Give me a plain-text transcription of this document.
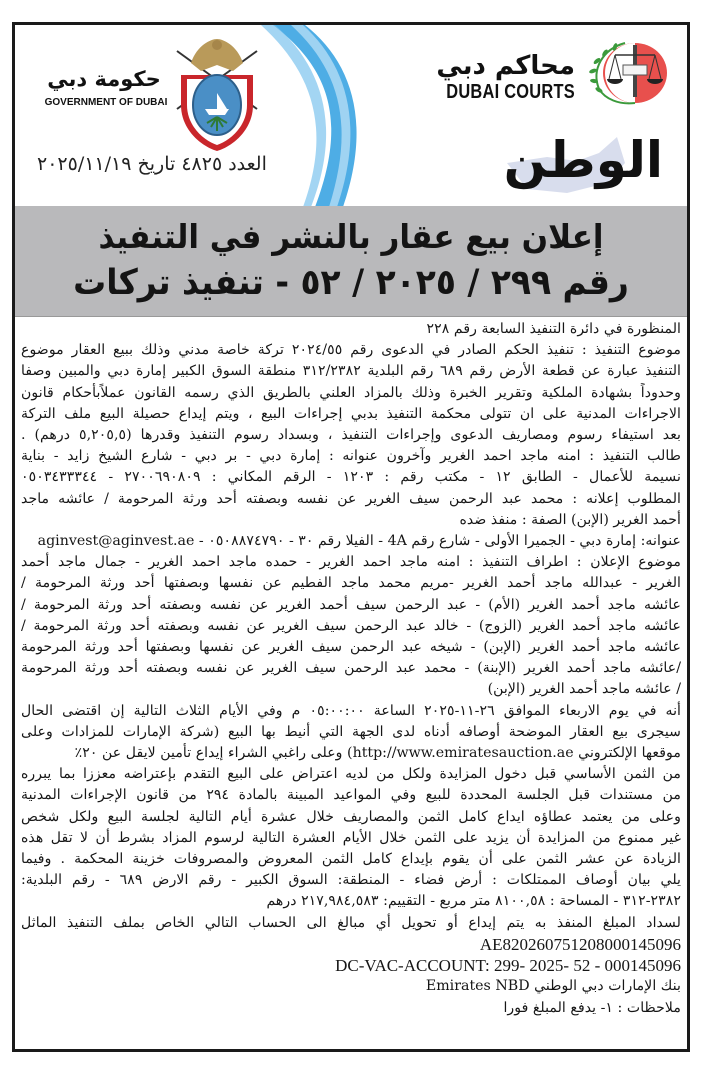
محاكم دبي
DUBAI COURTS
حكومة دبي
GOVERNMENT OF DUBAI
الوطن
العدد ٤٨٢٥ تاريخ ٢٠٢٥/١١/١٩
إعلان بيع عقار بالنشر في التنفيذ
رقم ٢٩٩ / ٢٠٢٥ / ٥٢ - تنفيذ تركات

المنظورة في دائرة التنفيذ السابعة رقم ٢٢٨

موضوع التنفيذ : تنفيذ الحكم الصادر في الدعوى رقم ٢٠٢٤/٥٥ تركة خاصة مدني وذلك ببيع العقار موضوع

التنفيذ عبارة عن قطعة الأرض رقم ٦٨٩ رقم البلدية ٣١٢/٢٣٨٢ منطقة السوق الكبير إمارة دبي والمبين وصفا

وحدوداً بشهادة الملكية وتقرير الخبرة وذلك بالمزاد العلني بالطريق الذي رسمه القانون عملاًبأحكام قانون

الاجراءات المدنية على ان تتولى محكمة التنفيذ بدبي إجراءات البيع ، ويتم إيداع حصيلة البيع ملف التركة

بعد استيفاء رسوم ومصاريف الدعوى وإجراءات التنفيذ ، وبسداد رسوم التنفيذ وقدرها (٥,٢٠٥,٥ درهم) .

طالب التنفيذ : امنه ماجد احمد الغرير وآخرون عنوانه : إمارة دبي - بر دبي - شارع الشيخ زايد - بناية

نسيمة للأعمال - الطابق ١٢ - مكتب رقم : ١٢٠٣ - الرقم المكاني : ٢٧٠٠٦٩٠٨٠٩ - ٠٥٠٣٤٣٣٣٤٤

المطلوب إعلانه : محمد عبد الرحمن سيف الغرير عن نفسه وبصفته أحد ورثة المرحومة / عائشه ماجد

أحمد الغرير (الإبن) الصفة : منفذ ضده

عنوانه: إمارة دبي - الجميرا الأولى - شارع رقم 4A - الفيلا رقم ٣٠ - ٠٥٠٨٨٧٤٧٩٠ - aginvest@aginvest.ae

موضوع الإعلان : اطراف التنفيذ : امنه ماجد احمد الغرير - حمده ماجد احمد الغرير - جمال ماجد أحمد

الغرير - عبدالله ماجد أحمد الغرير -مريم محمد ماجد الفطيم عن نفسها وبصفتها أحد ورثة المرحومة /

عائشه ماجد أحمد الغرير (الأم) - عبد الرحمن سيف أحمد الغرير عن نفسه وبصفته أحد ورثة المرحومة /

عائشه ماجد أحمد الغرير (الزوج) - خالد عبد الرحمن سيف الغرير عن نفسه وبصفته أحد ورثة المرحومة /

عائشه ماجد أحمد الغرير (الإبن) - شيخه عبد الرحمن سيف الغرير عن نفسها وبصفتها أحد ورثة المرحومة

/عائشه ماجد أحمد الغرير (الإبنة) - محمد عبد الرحمن سيف الغرير عن نفسه وبصفته أحد ورثة المرحومة

/ عائشه ماجد أحمد الغرير (الإبن)

أنه في يوم الاربعاء الموافق ٢٦-١١-٢٠٢٥ الساعة ٠٥:٠٠:٠٠ م وفي الأيام الثلاث التالية إن اقتضى الحال

سيجرى بيع العقار الموضحة أوصافه أدناه لدى الجهة التي أنيط بها البيع (شركة الإمارات للمزادات وعلى

موقعها الإلكتروني http://www.emiratesauction.ae) وعلى راغبي الشراء إيداع تأمين لايقل عن ٢٠٪

من الثمن الأساسي قبل دخول المزايدة ولكل من لديه اعتراض على البيع التقدم بإعتراضه معززا بما يبرره

من مستندات قبل الجلسة المحددة للبيع وفي المواعيد المبينة بالمادة ٢٩٤ من قانون الإجراءات المدنية

وعلى من يعتمد عطاؤه ايداع كامل الثمن والمصاريف خلال عشرة أيام التالية لجلسة البيع ولكل شخص

غير ممنوع من المزايدة أن يزيد على الثمن خلال الأيام العشرة التالية لرسوم المزاد بشرط أن لا تقل هذه

الزيادة عن عشر الثمن على أن يقوم بإيداع كامل الثمن المعروض والمصروفات خزينة المحكمة . وفيما

يلي بيان أوصاف الممتلكات : أرض فضاء - المنطقة: السوق الكبير - رقم الارض ٦٨٩ - رقم البلدية:

٢٣٨٢-٣١٢ - المساحة : ٨١٠٠,٥٨ متر مربع - التقييم: ٢١٧,٩٨٤,٥٨٣ درهم

لسداد المبلغ المنفذ به يتم إيداع أو تحويل أي مبالغ الى الحساب التالي الخاص بملف التنفيذ الماثل

AE820260751208000145096

DC-VAC-ACCOUNT: 299- 2025- 52 - 000145096

بنك الإمارات دبي الوطني Emirates NBD

ملاحظات : ١- يدفع المبلغ فورا
